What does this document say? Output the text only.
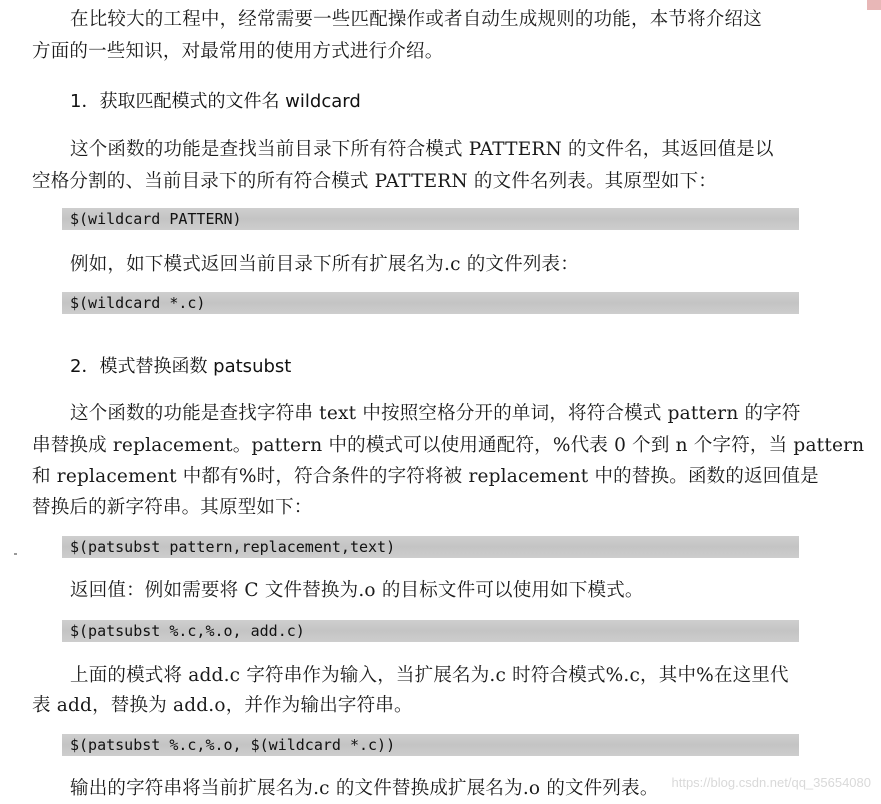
在比较大的工程中，经常需要一些匹配操作或者自动生成规则的功能，本节将介绍这
方面的一些知识，对最常用的使用方式进行介绍。
1．获取匹配模式的文件名 wildcard
这个函数的功能是查找当前目录下所有符合模式 PATTERN 的文件名，其返回值是以
空格分割的、当前目录下的所有符合模式 PATTERN 的文件名列表。其原型如下：
$(wildcard PATTERN)
例如，如下模式返回当前目录下所有扩展名为.c 的文件列表：
$(wildcard *.c)
2．模式替换函数 patsubst
这个函数的功能是查找字符串 text 中按照空格分开的单词，将符合模式 pattern 的字符
串替换成 replacement。pattern 中的模式可以使用通配符，%代表 0 个到 n 个字符，当 pattern
和 replacement 中都有%时，符合条件的字符将被 replacement 中的替换。函数的返回值是
替换后的新字符串。其原型如下：
$(patsubst pattern,replacement,text)
返回值：例如需要将 C 文件替换为.o 的目标文件可以使用如下模式。
$(patsubst %.c,%.o, add.c)
上面的模式将 add.c 字符串作为输入，当扩展名为.c 时符合模式%.c，其中%在这里代
表 add，替换为 add.o，并作为输出字符串。
$(patsubst %.c,%.o, $(wildcard *.c))
输出的字符串将当前扩展名为.c 的文件替换成扩展名为.o 的文件列表。 https://blog.csdn.net/qq_35654080
